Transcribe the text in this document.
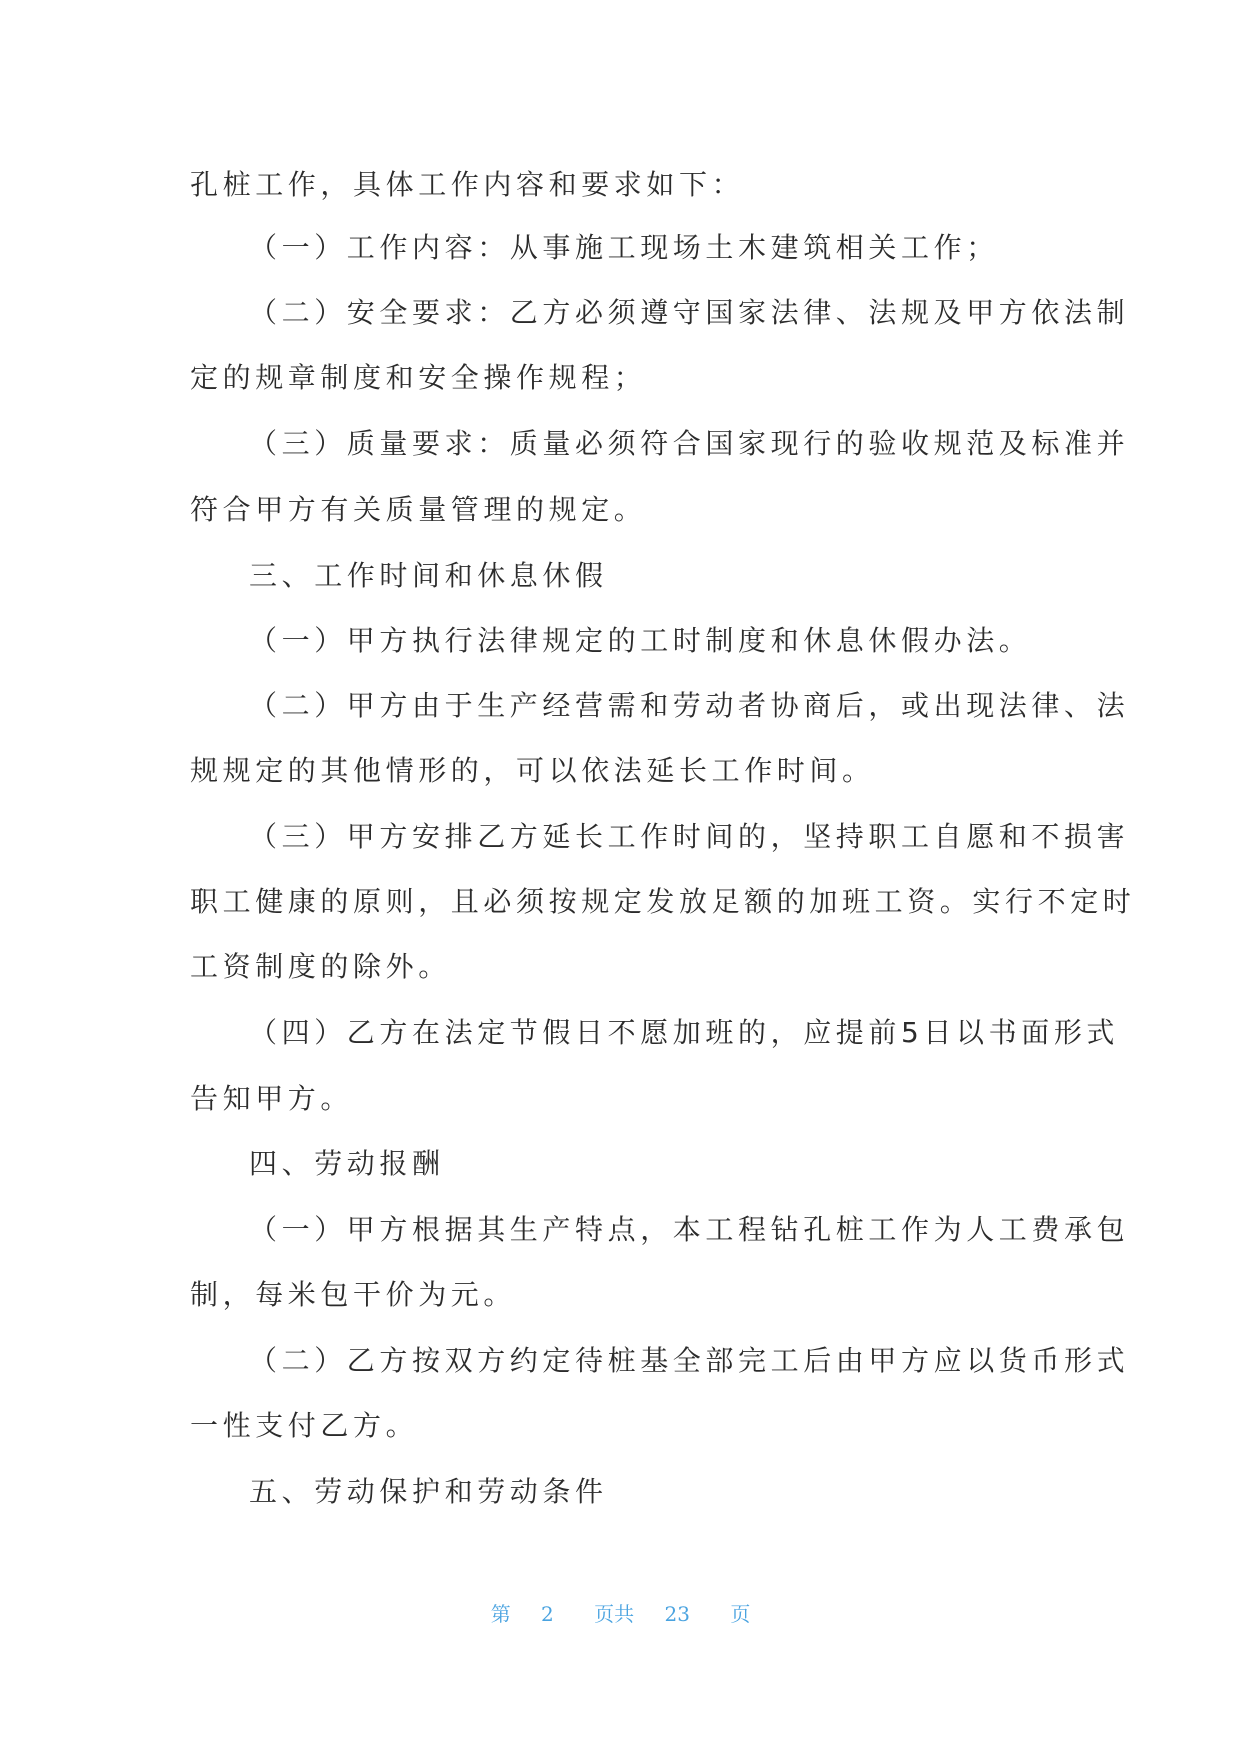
孔桩工作，具体工作内容和要求如下：
（一）工作内容：从事施工现场土木建筑相关工作；
（二）安全要求：乙方必须遵守国家法律、法规及甲方依法制
定的规章制度和安全操作规程；
（三）质量要求：质量必须符合国家现行的验收规范及标准并
符合甲方有关质量管理的规定。
三、工作时间和休息休假
（一）甲方执行法律规定的工时制度和休息休假办法。
（二）甲方由于生产经营需和劳动者协商后，或出现法律、法
规规定的其他情形的，可以依法延长工作时间。
（三）甲方安排乙方延长工作时间的，坚持职工自愿和不损害
职工健康的原则，且必须按规定发放足额的加班工资。实行不定时
工资制度的除外。
（四）乙方在法定节假日不愿加班的，应提前5日以书面形式
告知甲方。
四、劳动报酬
（一）甲方根据其生产特点，本工程钻孔桩工作为人工费承包
制，每米包干价为元。
（二）乙方按双方约定待桩基全部完工后由甲方应以货币形式
一性支付乙方。
五、劳动保护和劳动条件
第 2 页共 23 页
